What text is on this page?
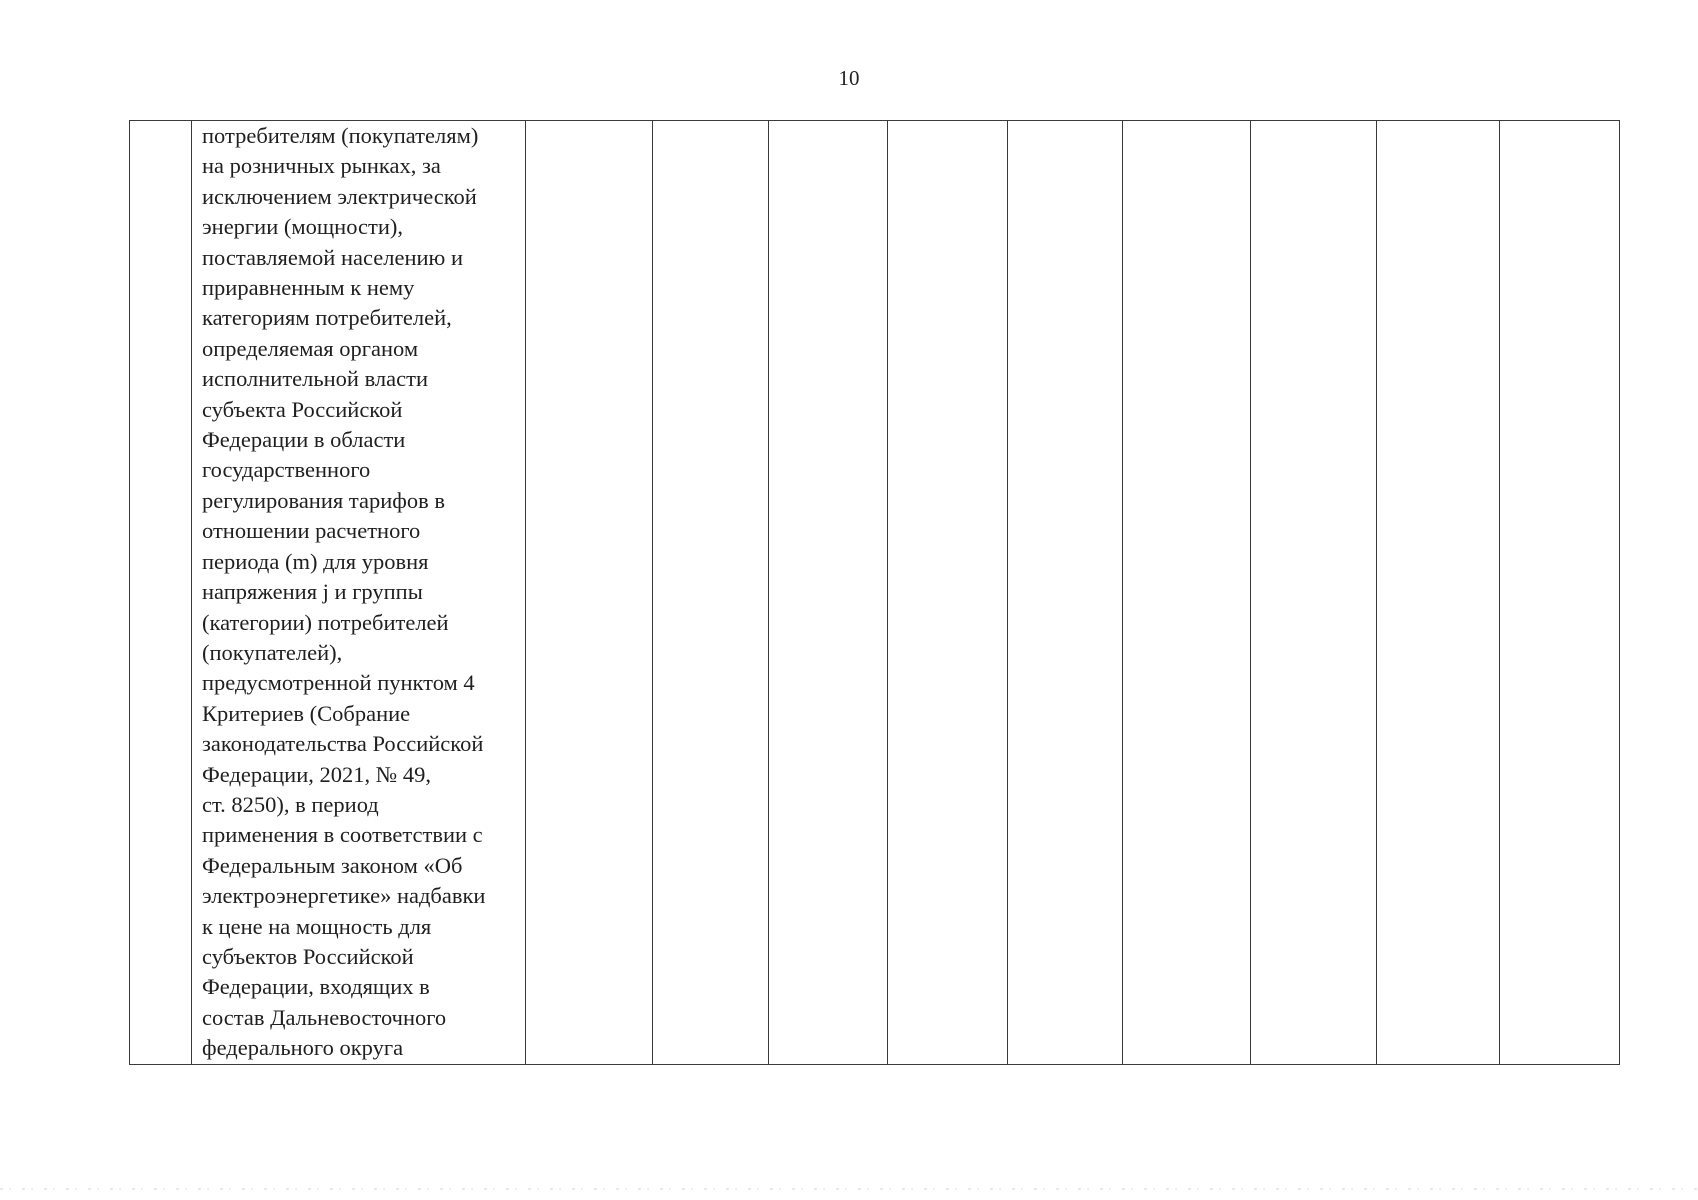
10

потребителям (покупателям)
на розничных рынках, за
исключением электрической
энергии (мощности),
поставляемой населению и
приравненным к нему
категориям потребителей,
определяемая органом
исполнительной власти
субъекта Российской
Федерации в области
государственного
регулирования тарифов в
отношении расчетного
периода (m) для уровня
напряжения j и группы
(категории) потребителей
(покупателей),
предусмотренной пунктом 4
Критериев (Собрание
законодательства Российской
Федерации, 2021, № 49,
ст. 8250), в период
применения в соответствии с
Федеральным законом «Об
электроэнергетике» надбавки
к цене на мощность для
субъектов Российской
Федерации, входящих в
состав Дальневосточного
федерального округа
